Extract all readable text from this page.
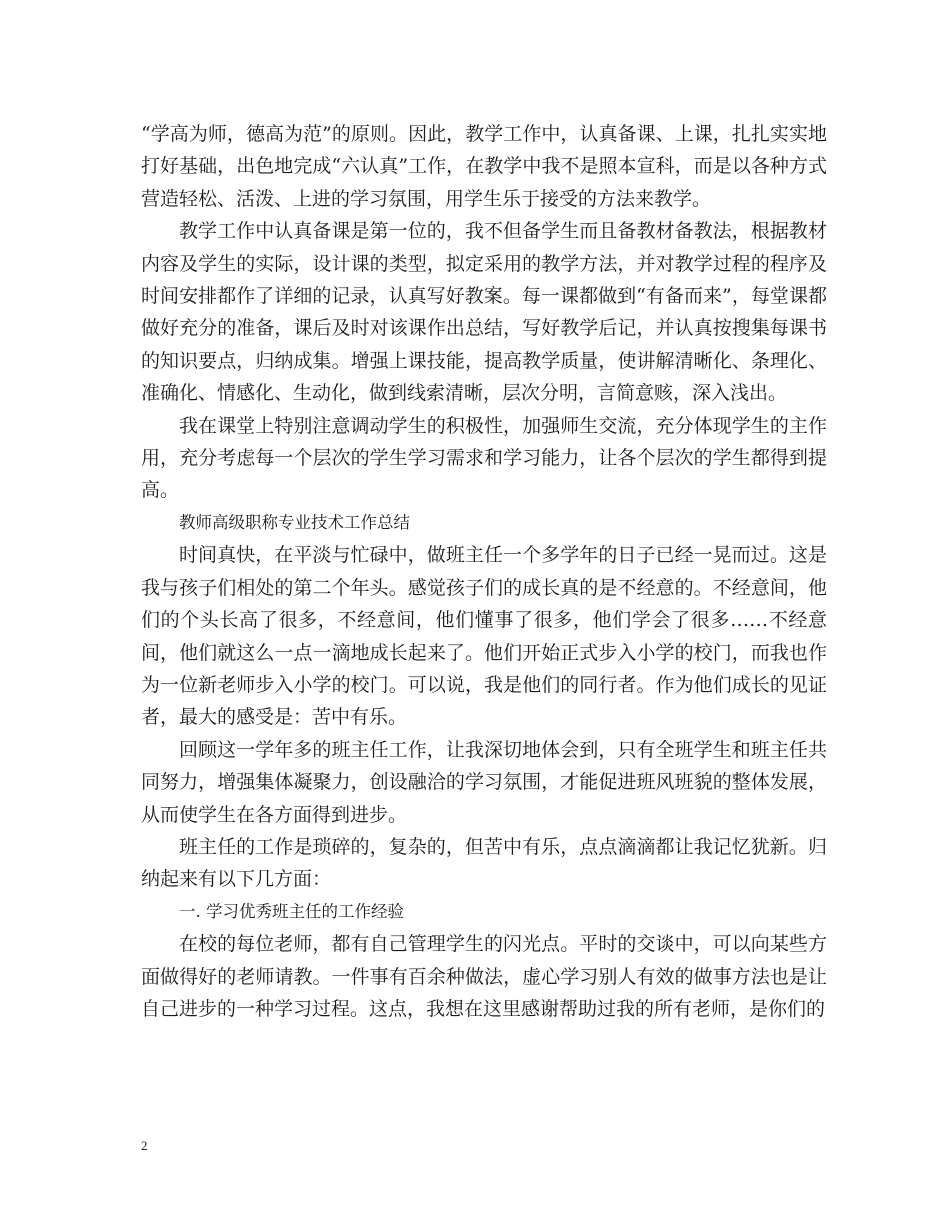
“学高为师，德高为范”的原则。因此，教学工作中，认真备课、上课，扎扎实实地打好基础，出色地完成“六认真”工作，在教学中我不是照本宣科，而是以各种方式营造轻松、活泼、上进的学习氛围，用学生乐于接受的方法来教学。

教学工作中认真备课是第一位的，我不但备学生而且备教材备教法，根据教材内容及学生的实际，设计课的类型，拟定采用的教学方法，并对教学过程的程序及时间安排都作了详细的记录，认真写好教案。每一课都做到“有备而来”，每堂课都做好充分的准备，课后及时对该课作出总结，写好教学后记，并认真按搜集每课书的知识要点，归纳成集。增强上课技能，提高教学质量，使讲解清晰化、条理化、准确化、情感化、生动化，做到线索清晰，层次分明，言简意赅，深入浅出。

我在课堂上特别注意调动学生的积极性，加强师生交流，充分体现学生的主作用，充分考虑每一个层次的学生学习需求和学习能力，让各个层次的学生都得到提高。

教师高级职称专业技术工作总结

时间真快，在平淡与忙碌中，做班主任一个多学年的日子已经一晃而过。这是我与孩子们相处的第二个年头。感觉孩子们的成长真的是不经意的。不经意间，他们的个头长高了很多，不经意间，他们懂事了很多，他们学会了很多……不经意间，他们就这么一点一滴地成长起来了。他们开始正式步入小学的校门，而我也作为一位新老师步入小学的校门。可以说，我是他们的同行者。作为他们成长的见证者，最大的感受是：苦中有乐。

回顾这一学年多的班主任工作，让我深切地体会到，只有全班学生和班主任共同努力，增强集体凝聚力，创设融洽的学习氛围，才能促进班风班貌的整体发展，从而使学生在各方面得到进步。

班主任的工作是琐碎的，复杂的，但苦中有乐，点点滴滴都让我记忆犹新。归纳起来有以下几方面：

一. 学习优秀班主任的工作经验

在校的每位老师，都有自己管理学生的闪光点。平时的交谈中，可以向某些方面做得好的老师请教。一件事有百余种做法，虚心学习别人有效的做事方法也是让自己进步的一种学习过程。这点，我想在这里感谢帮助过我的所有老师，是你们的

2
